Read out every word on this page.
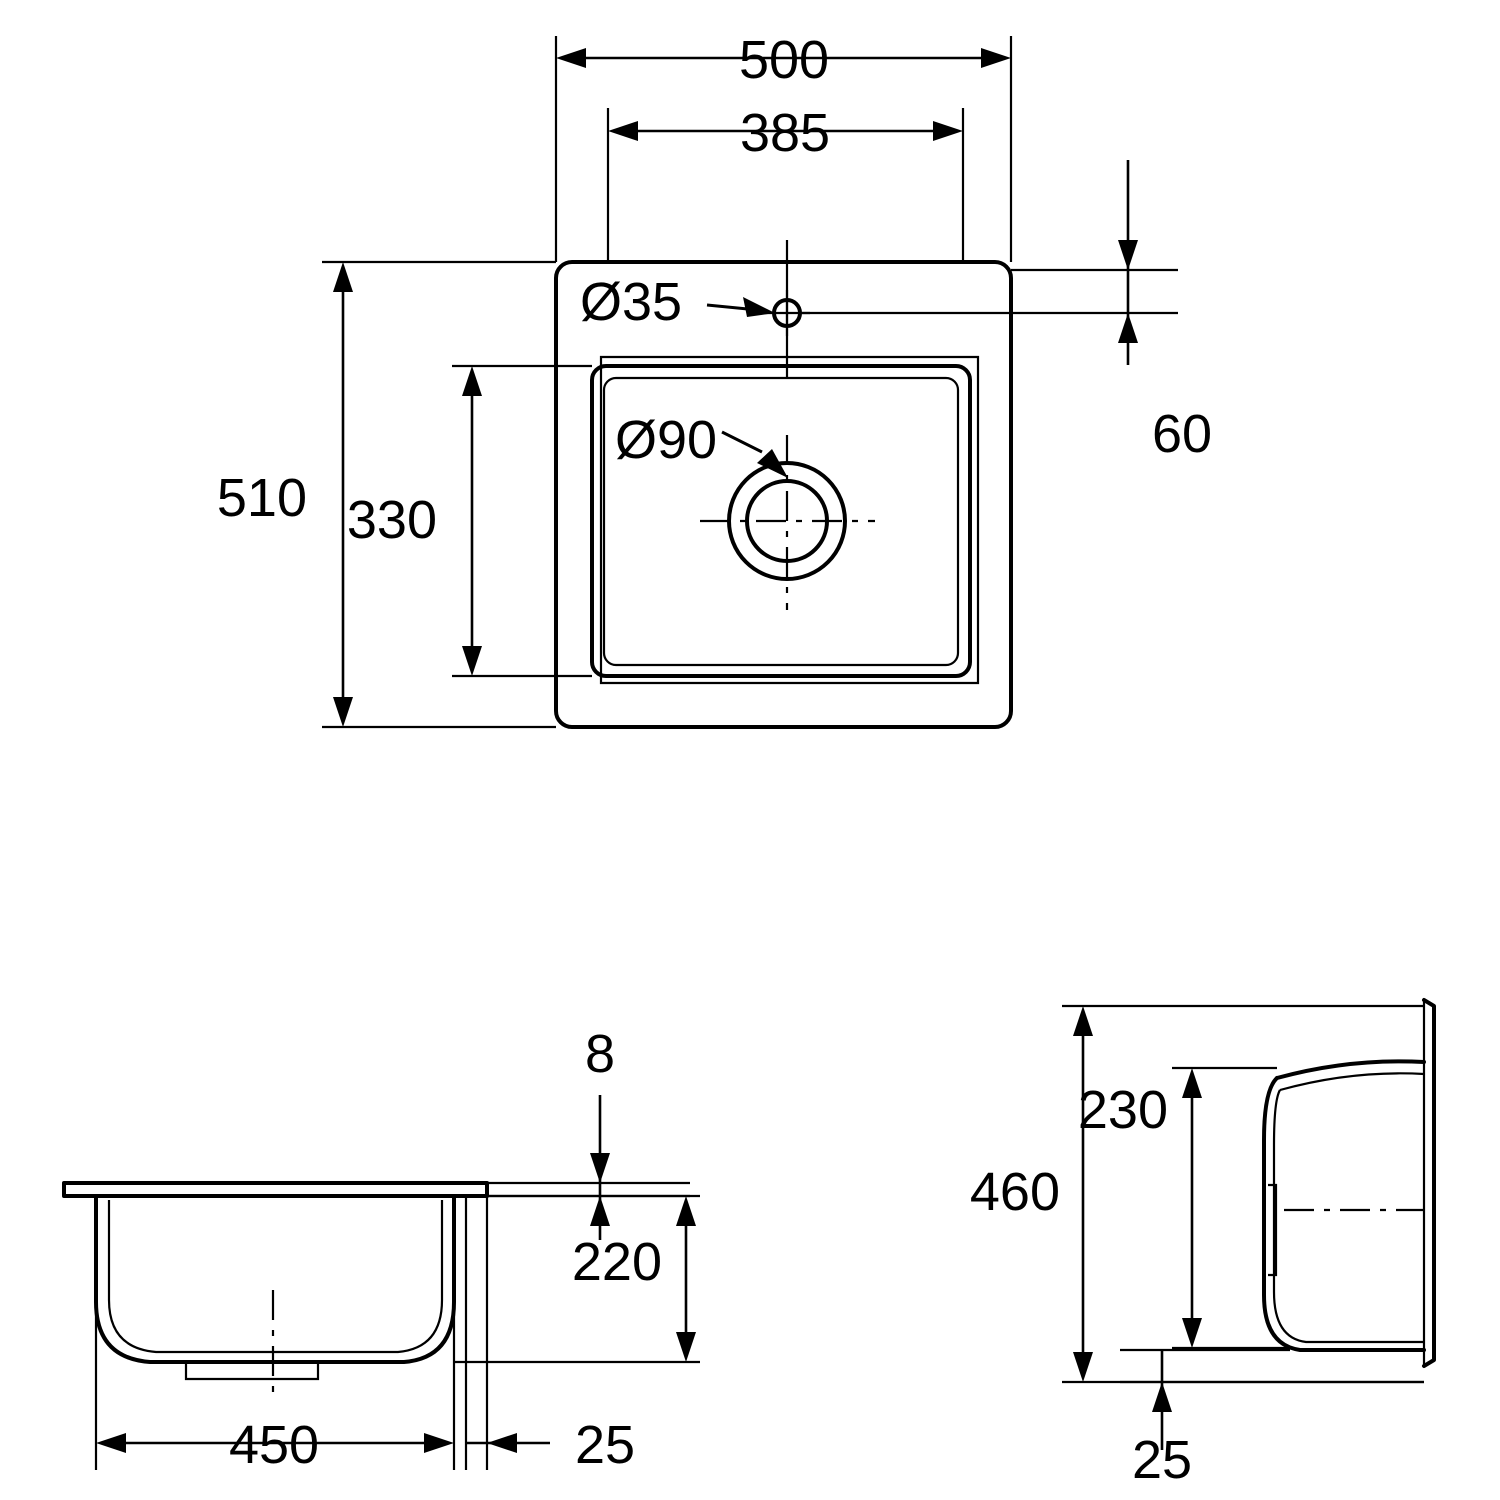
500
385
510 330
60
Ø35
Ø90
8
220
450	25
460
230
25
